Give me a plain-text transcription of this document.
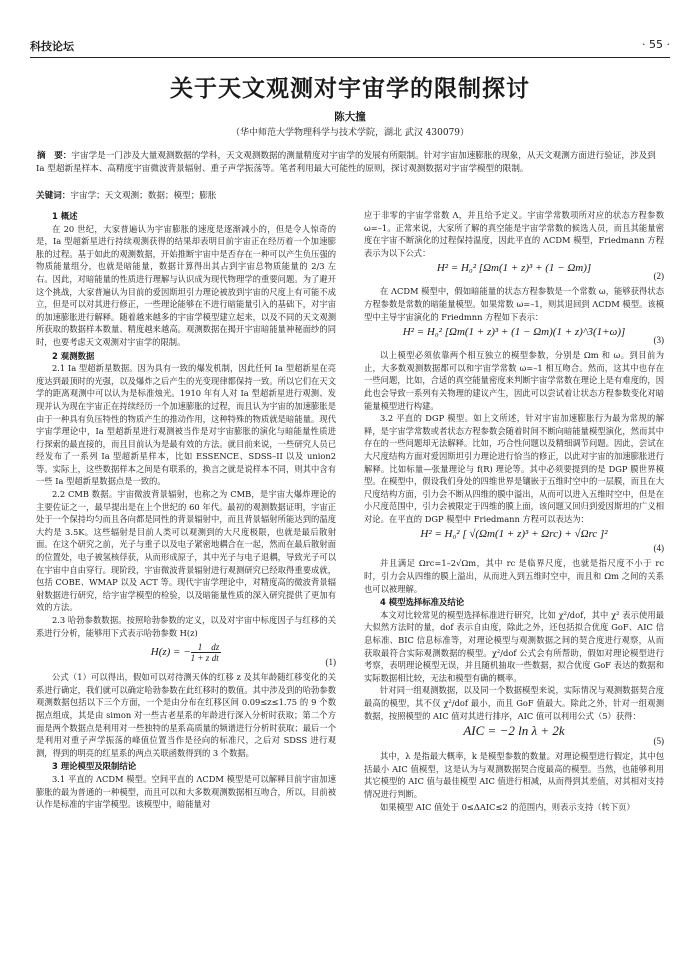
科技论坛	· 55 ·
关于天文观测对宇宙学的限制探讨
陈大撞
（华中师范大学物理科学与技术学院，湖北 武汉 430079）
摘　要：宇宙学是一门涉及大量观测数据的学科，天文观测数据的测量精度对宇宙学的发展有所限制。针对宇宙加速膨胀的现象，从天文观测方面进行验证，涉及到 Ia 型超新星样本、高精度宇宙微波背景辐射、重子声学振荡等。笔者利用最大可能性的原则，探讨观测数据对宇宙学模型的限制。
关键词：宇宙学；天文观测；数据；模型；膨胀
1 概述

在 20 世纪，大家普遍认为宇宙膨胀的速度是逐渐减小的，但是令人惊奇的是，Ia 型超新星进行持续观测获得的结果却表明目前宇宙正在经历着一个加速膨胀的过程。基于如此的观测数据，开始推断宇宙中是否存在一种可以产生负压强的物质能量组分，也就是暗能量，数据计算得出其占到宇宙总物质能量的 2/3 左右。因此，对暗能量的性质进行理解与认识成为现代物理学的重要问题。为了避开这个挑战，大家普遍认为目前的爱因斯坦引力理论被放到宇宙的尺度上有可能不成立，但是可以对其进行修正，一些理论能够在不进行暗能量引入的基础下，对宇宙的加速膨胀进行解释。随着越来越多的宇宙学模型建立起来，以及不同的天文观测所获取的数据样本数量、精度越来越高。观测数据在揭开宇宙暗能量神秘面纱的同时，也要考虑天文观测对宇宙学的限制。

2 观测数据

2.1 Ia 型超新星数据。因为具有一致的爆发机制，因此任何 Ia 型超新星在亮度达到最顶时的光强，以及爆炸之后产生的光变现律都保持一致。所以它们在天文学的距离观测中可以认为是标准烛光。1910 年有人对 Ia 型超新星进行观测、发现并认为现在宇宙正在持续经历一个加速膨胀的过程，而且认为宇宙的加速膨胀是由于一种具有负压特性的物质产生的推动作用，这种特殊的物质就是暗能量。现代宇宙学理论中，Ia 型超新星进行观测被当作是对宇宙膨胀的演化与暗能量性质进行探索的最直接的，而且目前认为是最有效的方法。就目前来说，一些研究人员已经发布了一系列 Ia 型超新星样本，比如 ESSENCE、SDSS–II 以及 union2 等。实际上，这些数据样本之间是有联系的，换言之就是说样本不同，则其中含有一些 Ia 型超新星数据点是一致的。

2.2 CMB 数据。宇宙微波背景辐射，也称之为 CMB，是宇宙大爆炸理论的主要佐证之一，最早提出是在上个世纪的 60 年代。最初的观测数据证明，宇宙正处于一个保持均匀而且各向都是同性的背景辐射中，而且背景辐射所能达到的温度大约是 3.5K。这些辐射是目前人类可以观测到的大尺度极限，也就是最后散射面。在这个研究之前，光子与重子以及电子紧密地耦合在一起，然而在最后散射面的位置处，电子被氢核俘获，从而形成原子，其中光子与电子退耦，导致光子可以在宇宙中自由穿行。现阶段，宇宙微波背景辐射进行观测研究已经取得重要成就，包括 COBE、WMAP 以及 ACT 等。现代宇宙学理论中，对精度高的微波背景辐射数据进行研究，给宇宙学模型的检验，以及暗能量性质的深入研究提供了更加有效的方法。

2.3 哈勃参数数据。按照哈勃参数的定义，以及对宇宙中标度因子与红移的关系进行分析，能够用下式表示哈勃参数 H(z)

H(z) = − $\frac{1}{1 + z} \frac{dz}{dt}$	(1)

公式（1）可以得出，假如可以对待测天体的红移 z 及其年龄随红移变化的关系进行确定，我们就可以确定哈勃参数在此红移时的数值。其中涉及到的哈勃参数观测数据包括以下三个方面，一个是由分布在红移区间 0.09≤z≤1.75 的 9 个数据点组成，其是由 simon 对一些古老星系的年龄进行深入分析时获取；第二个方面是两个数据点是利用对一些独特的星系高质量的频谱进行分析时获取；最后一个是利用对重子声学振荡的峰值位置当作是径向的标准尺，之后对 SDSS 进行观测，得到的明亮的红星系的两点关联函数得到的 3 个数据。

3 理论模型及限制结论

3.1 平直的 ΛCDM 模型。空间平直的 ΛCDM 模型是可以解释目前宇宙加速膨胀的最为普通的一种模型，而且可以和大多数观测数据相互吻合，所以，目前被认作是标准的宇宙学模型。该模型中，暗能量对

应于非零的宇宙学常数 Λ，并且给予定义。宇宙学常数项所对应的状态方程参数 ω=–1。正常来说，大家所了解的真空能是宇宙学常数的候选人员，而且其能量密度在宇宙不断演化的过程保持温度，因此平直的 ΛCDM 模型，Friedmann 方程表示为以下公式：

H² = H₀² [Ωm(1 + z)³ + (1 − Ωm)]
(2)

在 ΛCDM 模型中，假如暗能量的状态方程参数是一个常数 ω，能够获得状态方程参数是常数的暗能量模型。如果常数 ω=–1，则其退回到 ΛCDM 模型。该模型中主导宇宙演化的 Friedmnn 方程如下表示：

H² = H₀² [Ωm(1 + z)³ + (1 − Ωm)(1 + z)^3(1+ω)]
(3)

以上模型必须依靠两个相互独立的模型参数，分别是 Ωm 和 ω。到目前为止，大多数观测数据都可以和宇宙学常数 ω=–1 相互吻合。然而，这其中也存在一些问题，比如，合适的真空能量密度来判断宇宙学常数在理论上是有难度的，因此也会导致一系列有关物理的建议产生，因此可以尝试着让状态方程参数变化对暗能量模型进行构建。

3.2 平直的 DGP 模型。如上文所述，针对宇宙加速膨胀行为最为常规的解释，是宇宙学常数或者状态方程参数会随着时间不断向暗能量模型演化，然而其中存在的一些问题却无法解释。比如，巧合性问题以及精细调节问题。因此，尝试在大尺度结构方面对爱因斯坦引力理论进行恰当的修正，以此对宇宙的加速膨胀进行解释。比如标量—张量理论与 f(R) 理论等。其中必须要提到的是 DGP 膜世界模型。在模型中，假设我们身处的四维世界是镶嵌于五维时空中的一层膜，而且在大尺度结构方面，引力会不断从四维的膜中溢出，从而可以进入五维时空中，但是在小尺度范围中，引力会被限定于四维的膜上面，该问题又回归到爱因斯坦的广义相对论。在平直的 DGP 模型中 Friedmann 方程可以表达为：

H² = H₀² [ √(Ωm(1 + z)³ + Ωrc) + √Ωrc ]²
(4)

并且满足 Ωrc=1–2√Ωm，其中 rc 是临界尺度，也就是指尺度不小于 rc 时，引力会从四维的膜上溢出，从而进入到五维时空中，而且和 Ωm 之间的关系也可以被理解。

4 模型选择标准及结论

本文对比较常见的模型选择标准进行研究，比如 χ²/dof，其中 χ² 表示使用最大似然方法时的量，dof 表示自由度，除此之外，还包括拟合优度 GoF、AIC 信息标准、BIC 信息标准等，对理论模型与观测数据之间的契合度进行观察，从而获取最符合实际观测数据的模型。χ²/dof 公式会有所帮助，假如对理论模型进行考察，表明理论模型无误，并且随机抽取一些数据，拟合优度 GoF 表达的数据和实际数据相比较，无法和模型有确的概率。

针对同一组观测数据，以及同一个数据模型来说，实际情况与观测数据契合度最高的模型，其不仅 χ²/dof 最小，而且 GoF 值最大。除此之外，针对一组观测数据，按照模型的 AIC 值对其进行排序，AIC 值可以利用公式（5）获得：

AIC = −2 ln λ + 2k
(5)

其中，λ 是指最大概率，k 是模型参数的数量。对理论模型进行假定，其中包括最小 AIC 值模型，这是认为与观测数据契合度最高的模型。当然，也能够利用其它模型的 AIC 值与最佳模型 AIC 值进行相减，从而得到其差值，对其相对支持情况进行判断。

如果模型 AIC 值处于 0≤ΔAIC≤2 的范围内，则表示支持（转下页）
